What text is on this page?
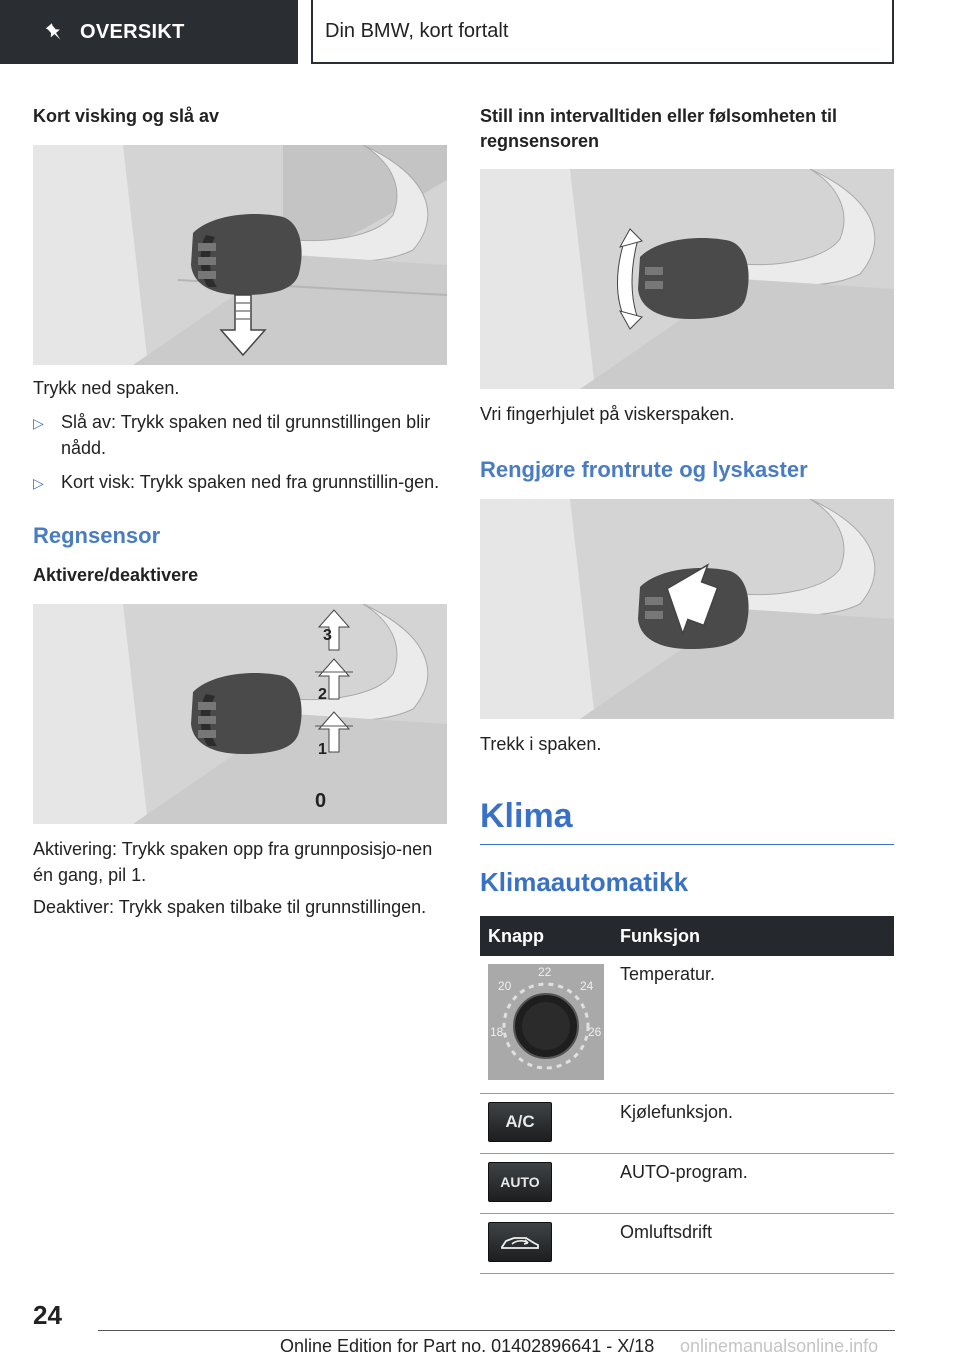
OVERSIKT	Din BMW, kort fortalt

Kort visking og slå av

Trykk ned spaken.

▷ Slå av: Trykk spaken ned til grunnstillingen blir nådd.
▷ Kort visk: Trykk spaken ned fra grunnstillin-gen.

Regnsensor

Aktivere/deaktivere

1
2
3
0

Aktivering: Trykk spaken opp fra grunnposisjo-nen én gang, pil 1.

Deaktiver: Trykk spaken tilbake til grunnstillingen.

Still inn intervalltiden eller følsomheten til regnsensoren

Vri fingerhjulet på viskerspaken.

Rengjøre frontrute og lyskaster

Trekk i spaken.

Klima

Klimaautomatikk

Knapp	Funksjon

20
22
24
18 26	Temperatur.

A/C	Kjølefunksjon.

AUTO	AUTO-program.

	Omluftsdrift
24
Online Edition for Part no. 01402896641 - X/18 onlinemanualsonline.info
